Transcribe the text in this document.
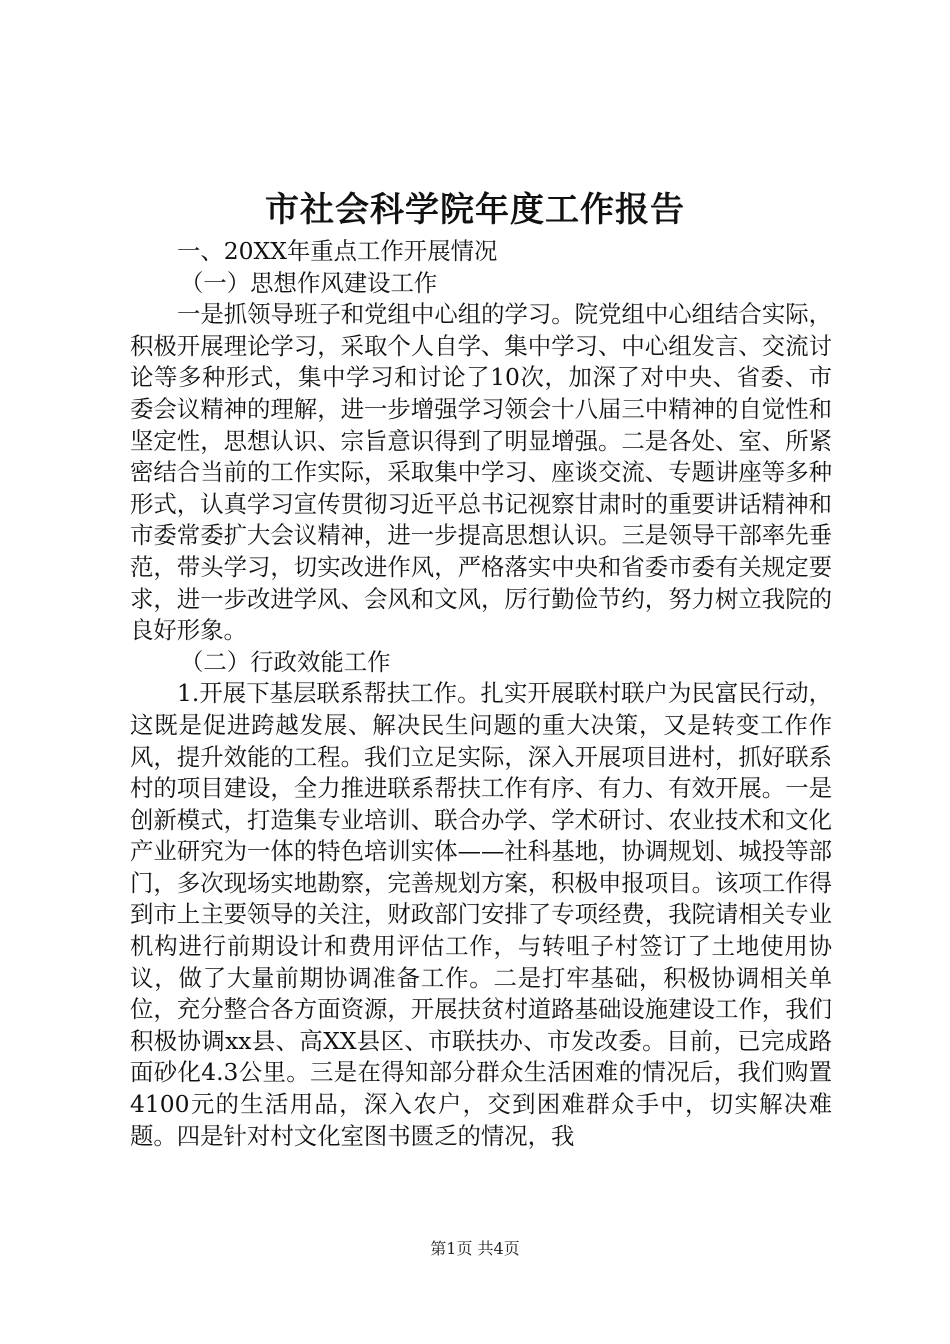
市社会科学院年度工作报告

一、20XX年重点工作开展情况

（一）思想作风建设工作

一是抓领导班子和党组中心组的学习。院党组中心组结合实际，积极开展理论学习，采取个人自学、集中学习、中心组发言、交流讨论等多种形式，集中学习和讨论了10次，加深了对中央、省委、市委会议精神的理解，进一步增强学习领会十八届三中精神的自觉性和坚定性，思想认识、宗旨意识得到了明显增强。二是各处、室、所紧密结合当前的工作实际，采取集中学习、座谈交流、专题讲座等多种形式，认真学习宣传贯彻习近平总书记视察甘肃时的重要讲话精神和市委常委扩大会议精神，进一步提高思想认识。三是领导干部率先垂范，带头学习，切实改进作风，严格落实中央和省委市委有关规定要求，进一步改进学风、会风和文风，厉行勤俭节约，努力树立我院的良好形象。

（二）行政效能工作

1.开展下基层联系帮扶工作。扎实开展联村联户为民富民行动，这既是促进跨越发展、解决民生问题的重大决策，又是转变工作作风，提升效能的工程。我们立足实际，深入开展项目进村，抓好联系村的项目建设，全力推进联系帮扶工作有序、有力、有效开展。一是创新模式，打造集专业培训、联合办学、学术研讨、农业技术和文化产业研究为一体的特色培训实体——社科基地，协调规划、城投等部门，多次现场实地勘察，完善规划方案，积极申报项目。该项工作得到市上主要领导的关注，财政部门安排了专项经费，我院请相关专业机构进行前期设计和费用评估工作，与转咀子村签订了土地使用协议，做了大量前期协调准备工作。二是打牢基础，积极协调相关单位，充分整合各方面资源，开展扶贫村道路基础设施建设工作，我们积极协调xx县、高XX县区、市联扶办、市发改委。目前，已完成路面砂化4.3公里。三是在得知部分群众生活困难的情况后，我们购置4100元的生活用品，深入农户，交到困难群众手中，切实解决难题。四是针对村文化室图书匮乏的情况，我

第1页 共4页
